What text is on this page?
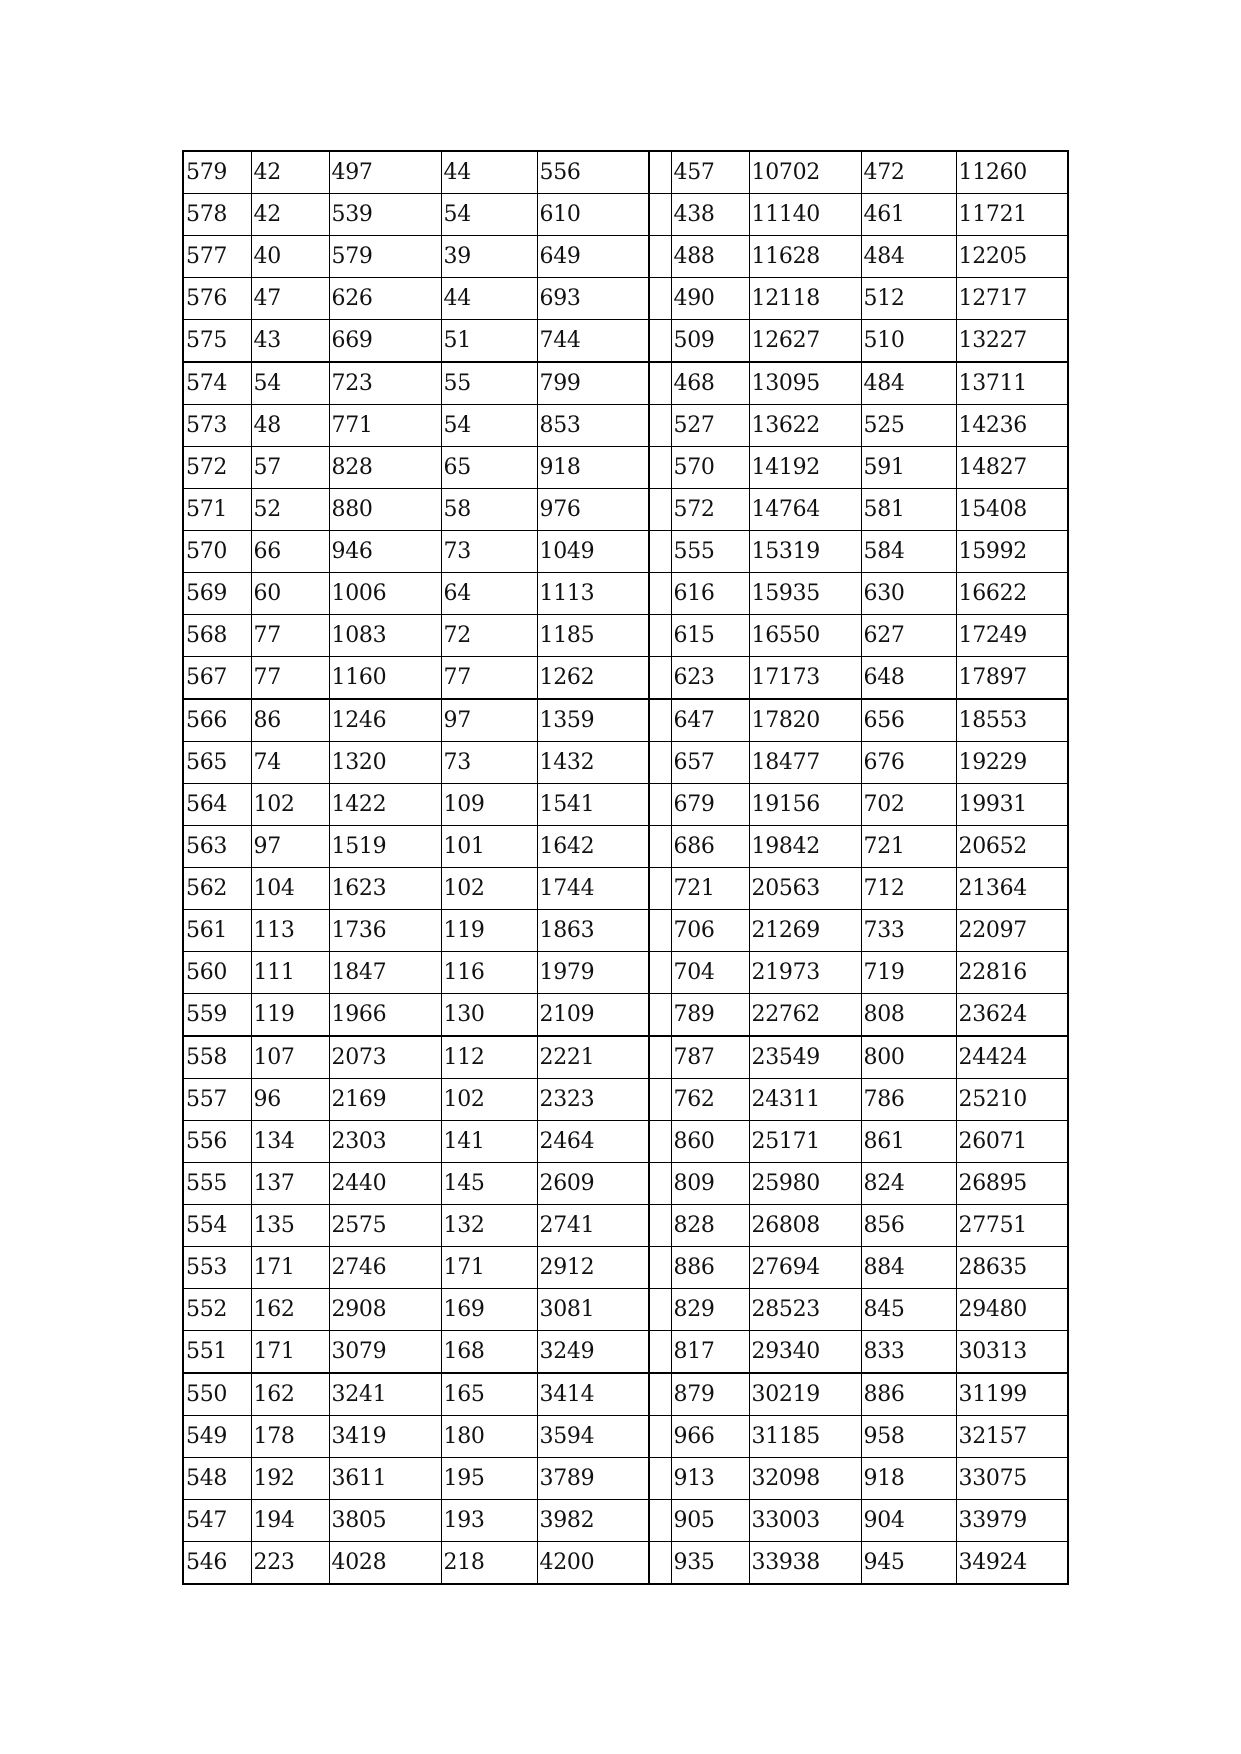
579	42	497	44	556		457	10702	472	11260
578	42	539	54	610		438	11140	461	11721
577	40	579	39	649		488	11628	484	12205
576	47	626	44	693		490	12118	512	12717
575	43	669	51	744		509	12627	510	13227
574	54	723	55	799		468	13095	484	13711
573	48	771	54	853		527	13622	525	14236
572	57	828	65	918		570	14192	591	14827
571	52	880	58	976		572	14764	581	15408
570	66	946	73	1049		555	15319	584	15992
569	60	1006	64	1113		616	15935	630	16622
568	77	1083	72	1185		615	16550	627	17249
567	77	1160	77	1262		623	17173	648	17897
566	86	1246	97	1359		647	17820	656	18553
565	74	1320	73	1432		657	18477	676	19229
564	102	1422	109	1541		679	19156	702	19931
563	97	1519	101	1642		686	19842	721	20652
562	104	1623	102	1744		721	20563	712	21364
561	113	1736	119	1863		706	21269	733	22097
560	111	1847	116	1979		704	21973	719	22816
559	119	1966	130	2109		789	22762	808	23624
558	107	2073	112	2221		787	23549	800	24424
557	96	2169	102	2323		762	24311	786	25210
556	134	2303	141	2464		860	25171	861	26071
555	137	2440	145	2609		809	25980	824	26895
554	135	2575	132	2741		828	26808	856	27751
553	171	2746	171	2912		886	27694	884	28635
552	162	2908	169	3081		829	28523	845	29480
551	171	3079	168	3249		817	29340	833	30313
550	162	3241	165	3414		879	30219	886	31199
549	178	3419	180	3594		966	31185	958	32157
548	192	3611	195	3789		913	32098	918	33075
547	194	3805	193	3982		905	33003	904	33979
546	223	4028	218	4200		935	33938	945	34924
